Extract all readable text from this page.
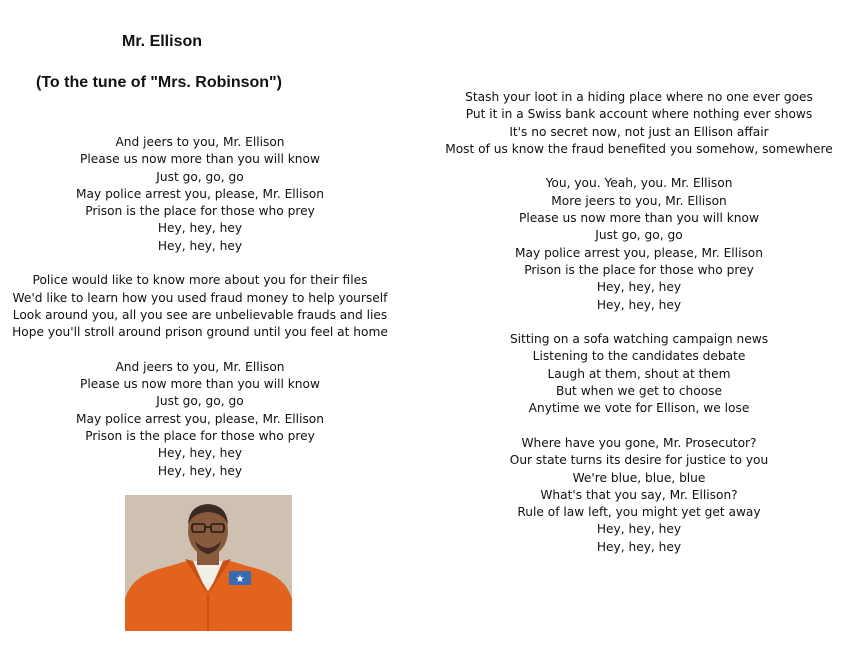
Mr. Ellison
(To the tune of "Mrs. Robinson")
And jeers to you, Mr. Ellison
Please us now more than you will know
Just go, go, go
May police arrest you, please, Mr. Ellison
Prison is the place for those who prey
Hey, hey, hey
Hey, hey, hey
Police would like to know more about you for their files
We'd like to learn how you used fraud money to help yourself
Look around you, all you see are unbelievable frauds and lies
Hope you'll stroll around prison ground until you feel at home
And jeers to you, Mr. Ellison
Please us now more than you will know
Just go, go, go
May police arrest you, please, Mr. Ellison
Prison is the place for those who prey
Hey, hey, hey
Hey, hey, hey
Stash your loot in a hiding place where no one ever goes
Put it in a Swiss bank account where nothing ever shows
It's no secret now, not just an Ellison affair
Most of us know the fraud benefited you somehow, somewhere
You, you. Yeah, you. Mr. Ellison
More jeers to you, Mr. Ellison
Please us now more than you will know
Just go, go, go
May police arrest you, please, Mr. Ellison
Prison is the place for those who prey
Hey, hey, hey
Hey, hey, hey
Sitting on a sofa watching campaign news
Listening to the candidates debate
Laugh at them, shout at them
But when we get to choose
Anytime we vote for Ellison, we lose
Where have you gone, Mr. Prosecutor?
Our state turns its desire for justice to you
We're blue, blue, blue
What's that you say, Mr. Ellison?
Rule of law left, you might yet get away
Hey, hey, hey
Hey, hey, hey
★
